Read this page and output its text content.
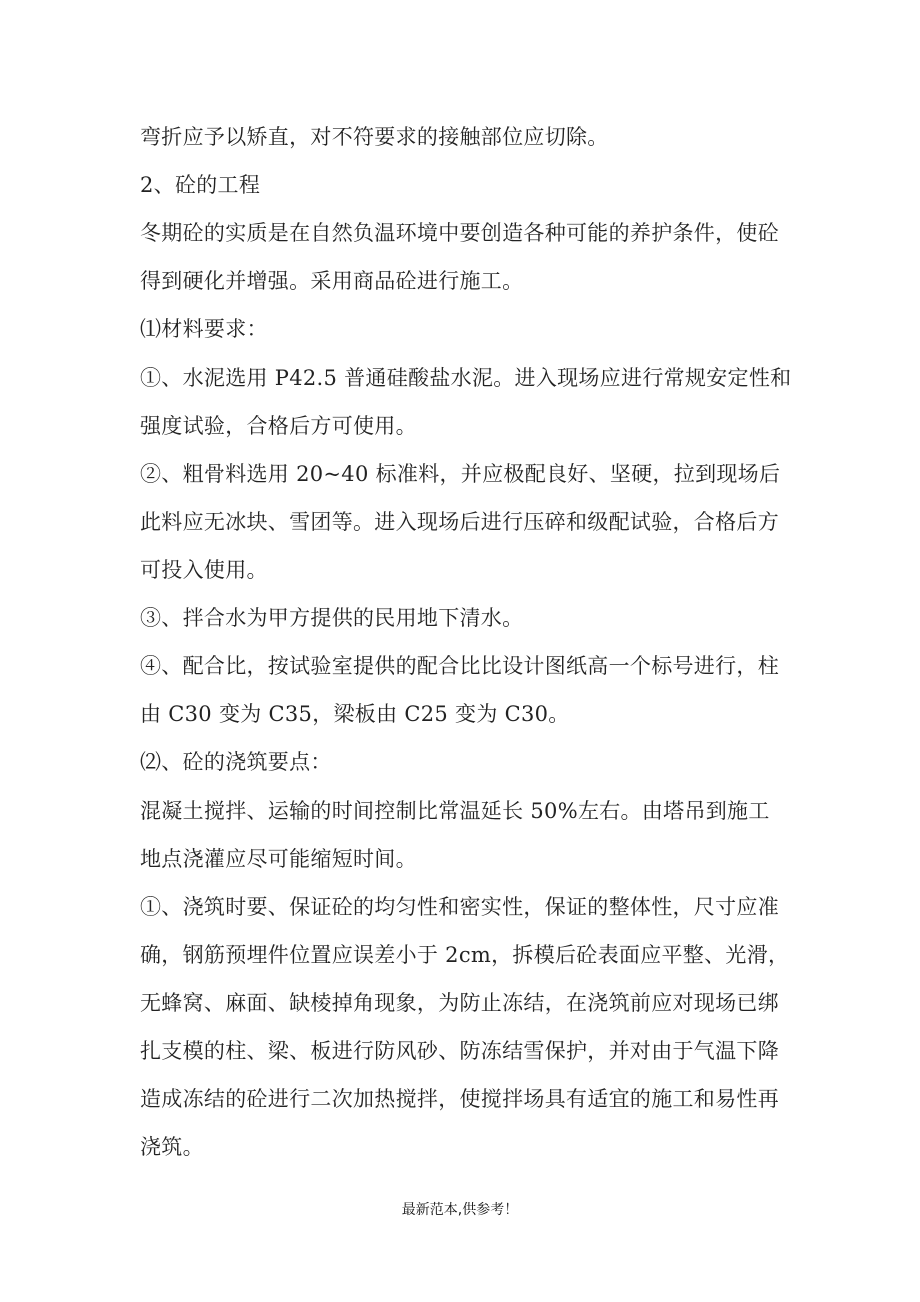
弯折应予以矫直，对不符要求的接触部位应切除。
2、砼的工程
冬期砼的实质是在自然负温环境中要创造各种可能的养护条件，使砼
得到硬化并增强。采用商品砼进行施工。
⑴材料要求：
①、水泥选用 P42.5 普通硅酸盐水泥。进入现场应进行常规安定性和
强度试验，合格后方可使用。
②、粗骨料选用 20~40 标准料，并应极配良好、坚硬，拉到现场后
此料应无冰块、雪团等。进入现场后进行压碎和级配试验，合格后方
可投入使用。
③、拌合水为甲方提供的民用地下清水。
④、配合比，按试验室提供的配合比比设计图纸高一个标号进行，柱
由 C30 变为 C35，梁板由 C25 变为 C30。
⑵、砼的浇筑要点：
混凝土搅拌、运输的时间控制比常温延长 50%左右。由塔吊到施工
地点浇灌应尽可能缩短时间。
①、浇筑时要、保证砼的均匀性和密实性，保证的整体性，尺寸应准
确，钢筋预埋件位置应误差小于 2cm，拆模后砼表面应平整、光滑，
无蜂窝、麻面、缺棱掉角现象，为防止冻结，在浇筑前应对现场已绑
扎支模的柱、梁、板进行防风砂、防冻结雪保护，并对由于气温下降
造成冻结的砼进行二次加热搅拌，使搅拌场具有适宜的施工和易性再
浇筑。
最新范本,供参考！
